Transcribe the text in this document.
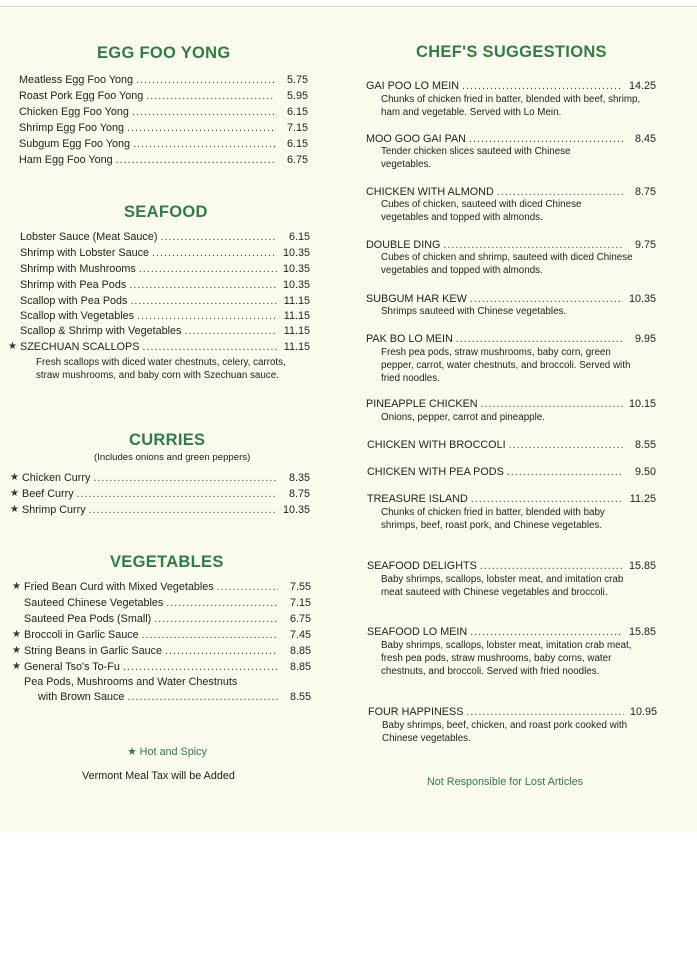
EGG FOO YONG
Meatless Egg Foo Yong .....	5.75
Roast Pork Egg Foo Yong .....	5.95
Chicken Egg Foo Yong .....	6.15
Shrimp Egg Foo Yong .....	7.15
Subgum Egg Foo Yong .....	6.15
Ham Egg Foo Yong .....	6.75
SEAFOOD
Lobster Sauce (Meat Sauce) .....	6.15
Shrimp with Lobster Sauce .....	10.35
Shrimp with Mushrooms .....	10.35
Shrimp with Pea Pods .....	10.35
Scallop with Pea Pods .....	11.15
Scallop with Vegetables .....	11.15
Scallop & Shrimp with Vegetables .....	11.15
★ SZECHUAN SCALLOPS .....	11.15
Fresh scallops with diced water chestnuts, celery, carrots, straw mushrooms, and baby corn with Szechuan sauce.
CURRIES
(Includes onions and green peppers)
★ Chicken Curry .....	8.35
★ Beef Curry .....	8.75
★ Shrimp Curry .....	10.35
VEGETABLES
★ Fried Bean Curd with Mixed Vegetables .....	7.55
Sauteed Chinese Vegetables .....	7.15
Sauteed Pea Pods (Small) .....	6.75
★ Broccoli in Garlic Sauce .....	7.45
★ String Beans in Garlic Sauce .....	8.85
★ General Tso's To-Fu .....	8.85
Pea Pods, Mushrooms and Water Chestnuts
with Brown Sauce .....	8.55
★ Hot and Spicy
Vermont Meal Tax will be Added
CHEF'S SUGGESTIONS
GAI POO LO MEIN .....	14.25
Chunks of chicken fried in batter, blended with beef, shrimp, ham and vegetable. Served with Lo Mein.
MOO GOO GAI PAN .....	8.45
Tender chicken slices sauteed with Chinese vegetables.
CHICKEN WITH ALMOND .....	8.75
Cubes of chicken, sauteed with diced Chinese vegetables and topped with almonds.
DOUBLE DING .....	9.75
Cubes of chicken and shrimp, sauteed with diced Chinese vegetables and topped with almonds.
SUBGUM HAR KEW .....	10.35
Shrimps sauteed with Chinese vegetables.
PAK BO LO MEIN .....	9.95
Fresh pea pods, straw mushrooms, baby corn, green pepper, carrot, water chestnuts, and broccoli. Served with fried noodles.
PINEAPPLE CHICKEN .....	10.15
Onions, pepper, carrot and pineapple.
CHICKEN WITH BROCCOLI .....	8.55
CHICKEN WITH PEA PODS .....	9.50
TREASURE ISLAND .....	11.25
Chunks of chicken fried in batter, blended with baby shrimps, beef, roast pork, and Chinese vegetables.
SEAFOOD DELIGHTS .....	15.85
Baby shrimps, scallops, lobster meat, and imitation crab meat sauteed with Chinese vegetables and broccoli.
SEAFOOD LO MEIN .....	15.85
Baby shrimps, scallops, lobster meat, imitation crab meat, fresh pea pods, straw mushrooms, baby corns, water chestnuts, and broccoli. Served with fried noodles.
FOUR HAPPINESS .....	10.95
Baby shrimps, beef, chicken, and roast pork cooked with Chinese vegetables.
Not Responsible for Lost Articles
